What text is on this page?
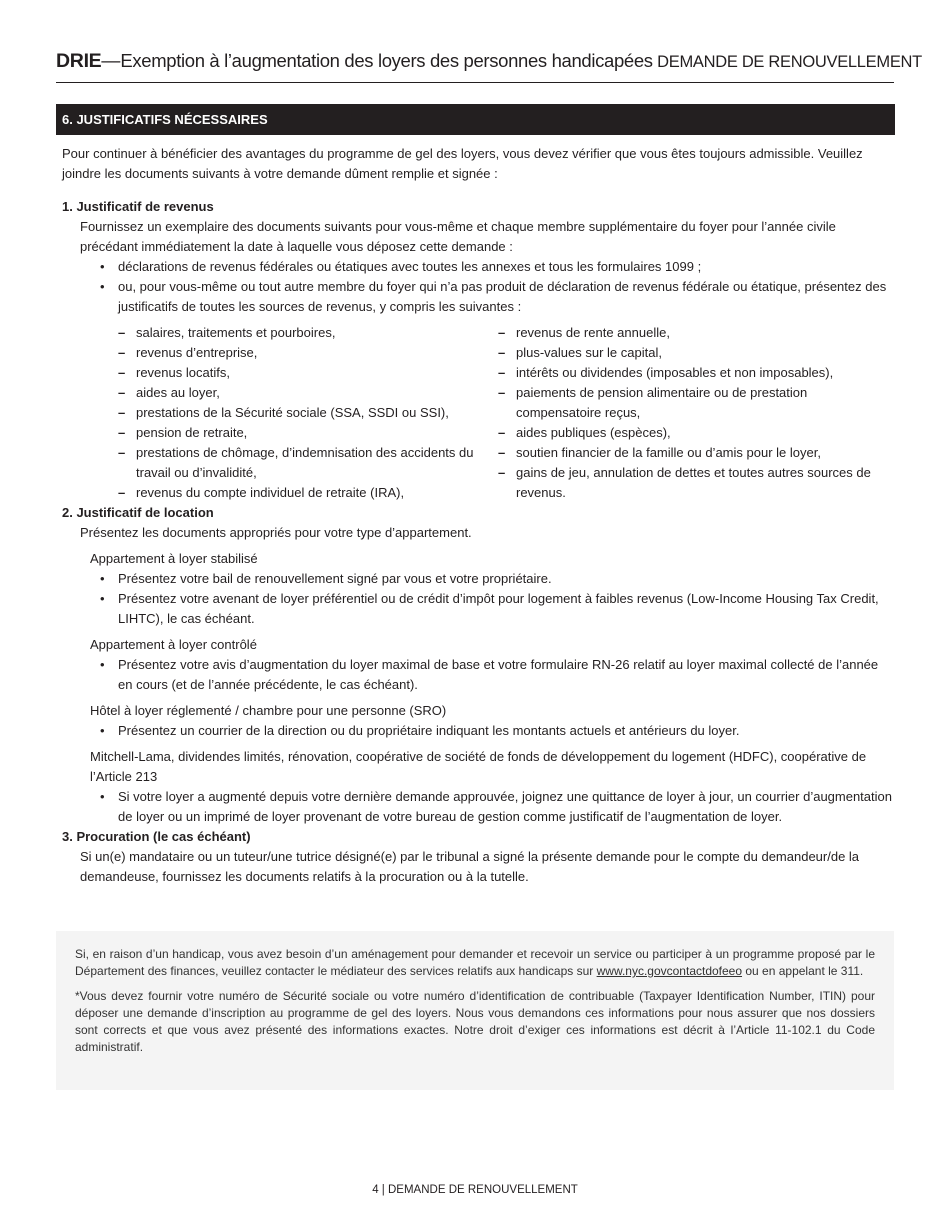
DRIE—Exemption à l’augmentation des loyers des personnes handicapées DEMANDE DE RENOUVELLEMENT
6. JUSTIFICATIFS NÉCESSAIRES

Pour continuer à bénéficier des avantages du programme de gel des loyers, vous devez vérifier que vous êtes toujours admissible. Veuillez joindre les documents suivants à votre demande dûment remplie et signée :

1. Justificatif de revenus

Fournissez un exemplaire des documents suivants pour vous-même et chaque membre supplémentaire du foyer pour l’année civile précédant immédiatement la date à laquelle vous déposez cette demande :

• déclarations de revenus fédérales ou étatiques avec toutes les annexes et tous les formulaires 1099 ;
• ou, pour vous-même ou tout autre membre du foyer qui n’a pas produit de déclaration de revenus fédérale ou étatique, présentez des justificatifs de toutes les sources de revenus, y compris les suivantes :
– salaires, traitements et pourboires,
– revenus d’entreprise,
– revenus locatifs,
– aides au loyer,
– prestations de la Sécurité sociale (SSA, SSDI ou SSI),
– pension de retraite,
– prestations de chômage, d’indemnisation des accidents du travail ou d’invalidité,
– revenus du compte individuel de retraite (IRA),
– revenus de rente annuelle,
– plus-values sur le capital,
– intérêts ou dividendes (imposables et non imposables),
– paiements de pension alimentaire ou de prestation compensatoire reçus,
– aides publiques (espèces),
– soutien financier de la famille ou d’amis pour le loyer,
– gains de jeu, annulation de dettes et toutes autres sources de revenus.

2. Justificatif de location

Présentez les documents appropriés pour votre type d’appartement.

Appartement à loyer stabilisé

• Présentez votre bail de renouvellement signé par vous et votre propriétaire.
• Présentez votre avenant de loyer préférentiel ou de crédit d’impôt pour logement à faibles revenus (Low-Income Housing Tax Credit, LIHTC), le cas échéant.

Appartement à loyer contrôlé

• Présentez votre avis d’augmentation du loyer maximal de base et votre formulaire RN-26 relatif au loyer maximal collecté de l’année en cours (et de l’année précédente, le cas échéant).

Hôtel à loyer réglementé / chambre pour une personne (SRO)

• Présentez un courrier de la direction ou du propriétaire indiquant les montants actuels et antérieurs du loyer.

Mitchell-Lama, dividendes limités, rénovation, coopérative de société de fonds de développement du logement (HDFC), coopérative de l’Article 213

• Si votre loyer a augmenté depuis votre dernière demande approuvée, joignez une quittance de loyer à jour, un courrier d’augmentation de loyer ou un imprimé de loyer provenant de votre bureau de gestion comme justificatif de l’augmentation de loyer.

3. Procuration (le cas échéant)

Si un(e) mandataire ou un tuteur/une tutrice désigné(e) par le tribunal a signé la présente demande pour le compte du demandeur/de la demandeuse, fournissez les documents relatifs à la procuration ou à la tutelle.

Si, en raison d’un handicap, vous avez besoin d’un aménagement pour demander et recevoir un service ou participer à un programme proposé par le Département des finances, veuillez contacter le médiateur des services relatifs aux handicaps sur www.nyc.govcontactdofeeo ou en appelant le 311.

*Vous devez fournir votre numéro de Sécurité sociale ou votre numéro d’identification de contribuable (Taxpayer Identification Number, ITIN) pour déposer une demande d’inscription au programme de gel des loyers. Nous vous demandons ces informations pour nous assurer que nos dossiers sont corrects et que vous avez présenté des informations exactes. Notre droit d’exiger ces informations est décrit à l’Article 11-102.1 du Code administratif.

4 | DEMANDE DE RENOUVELLEMENT
